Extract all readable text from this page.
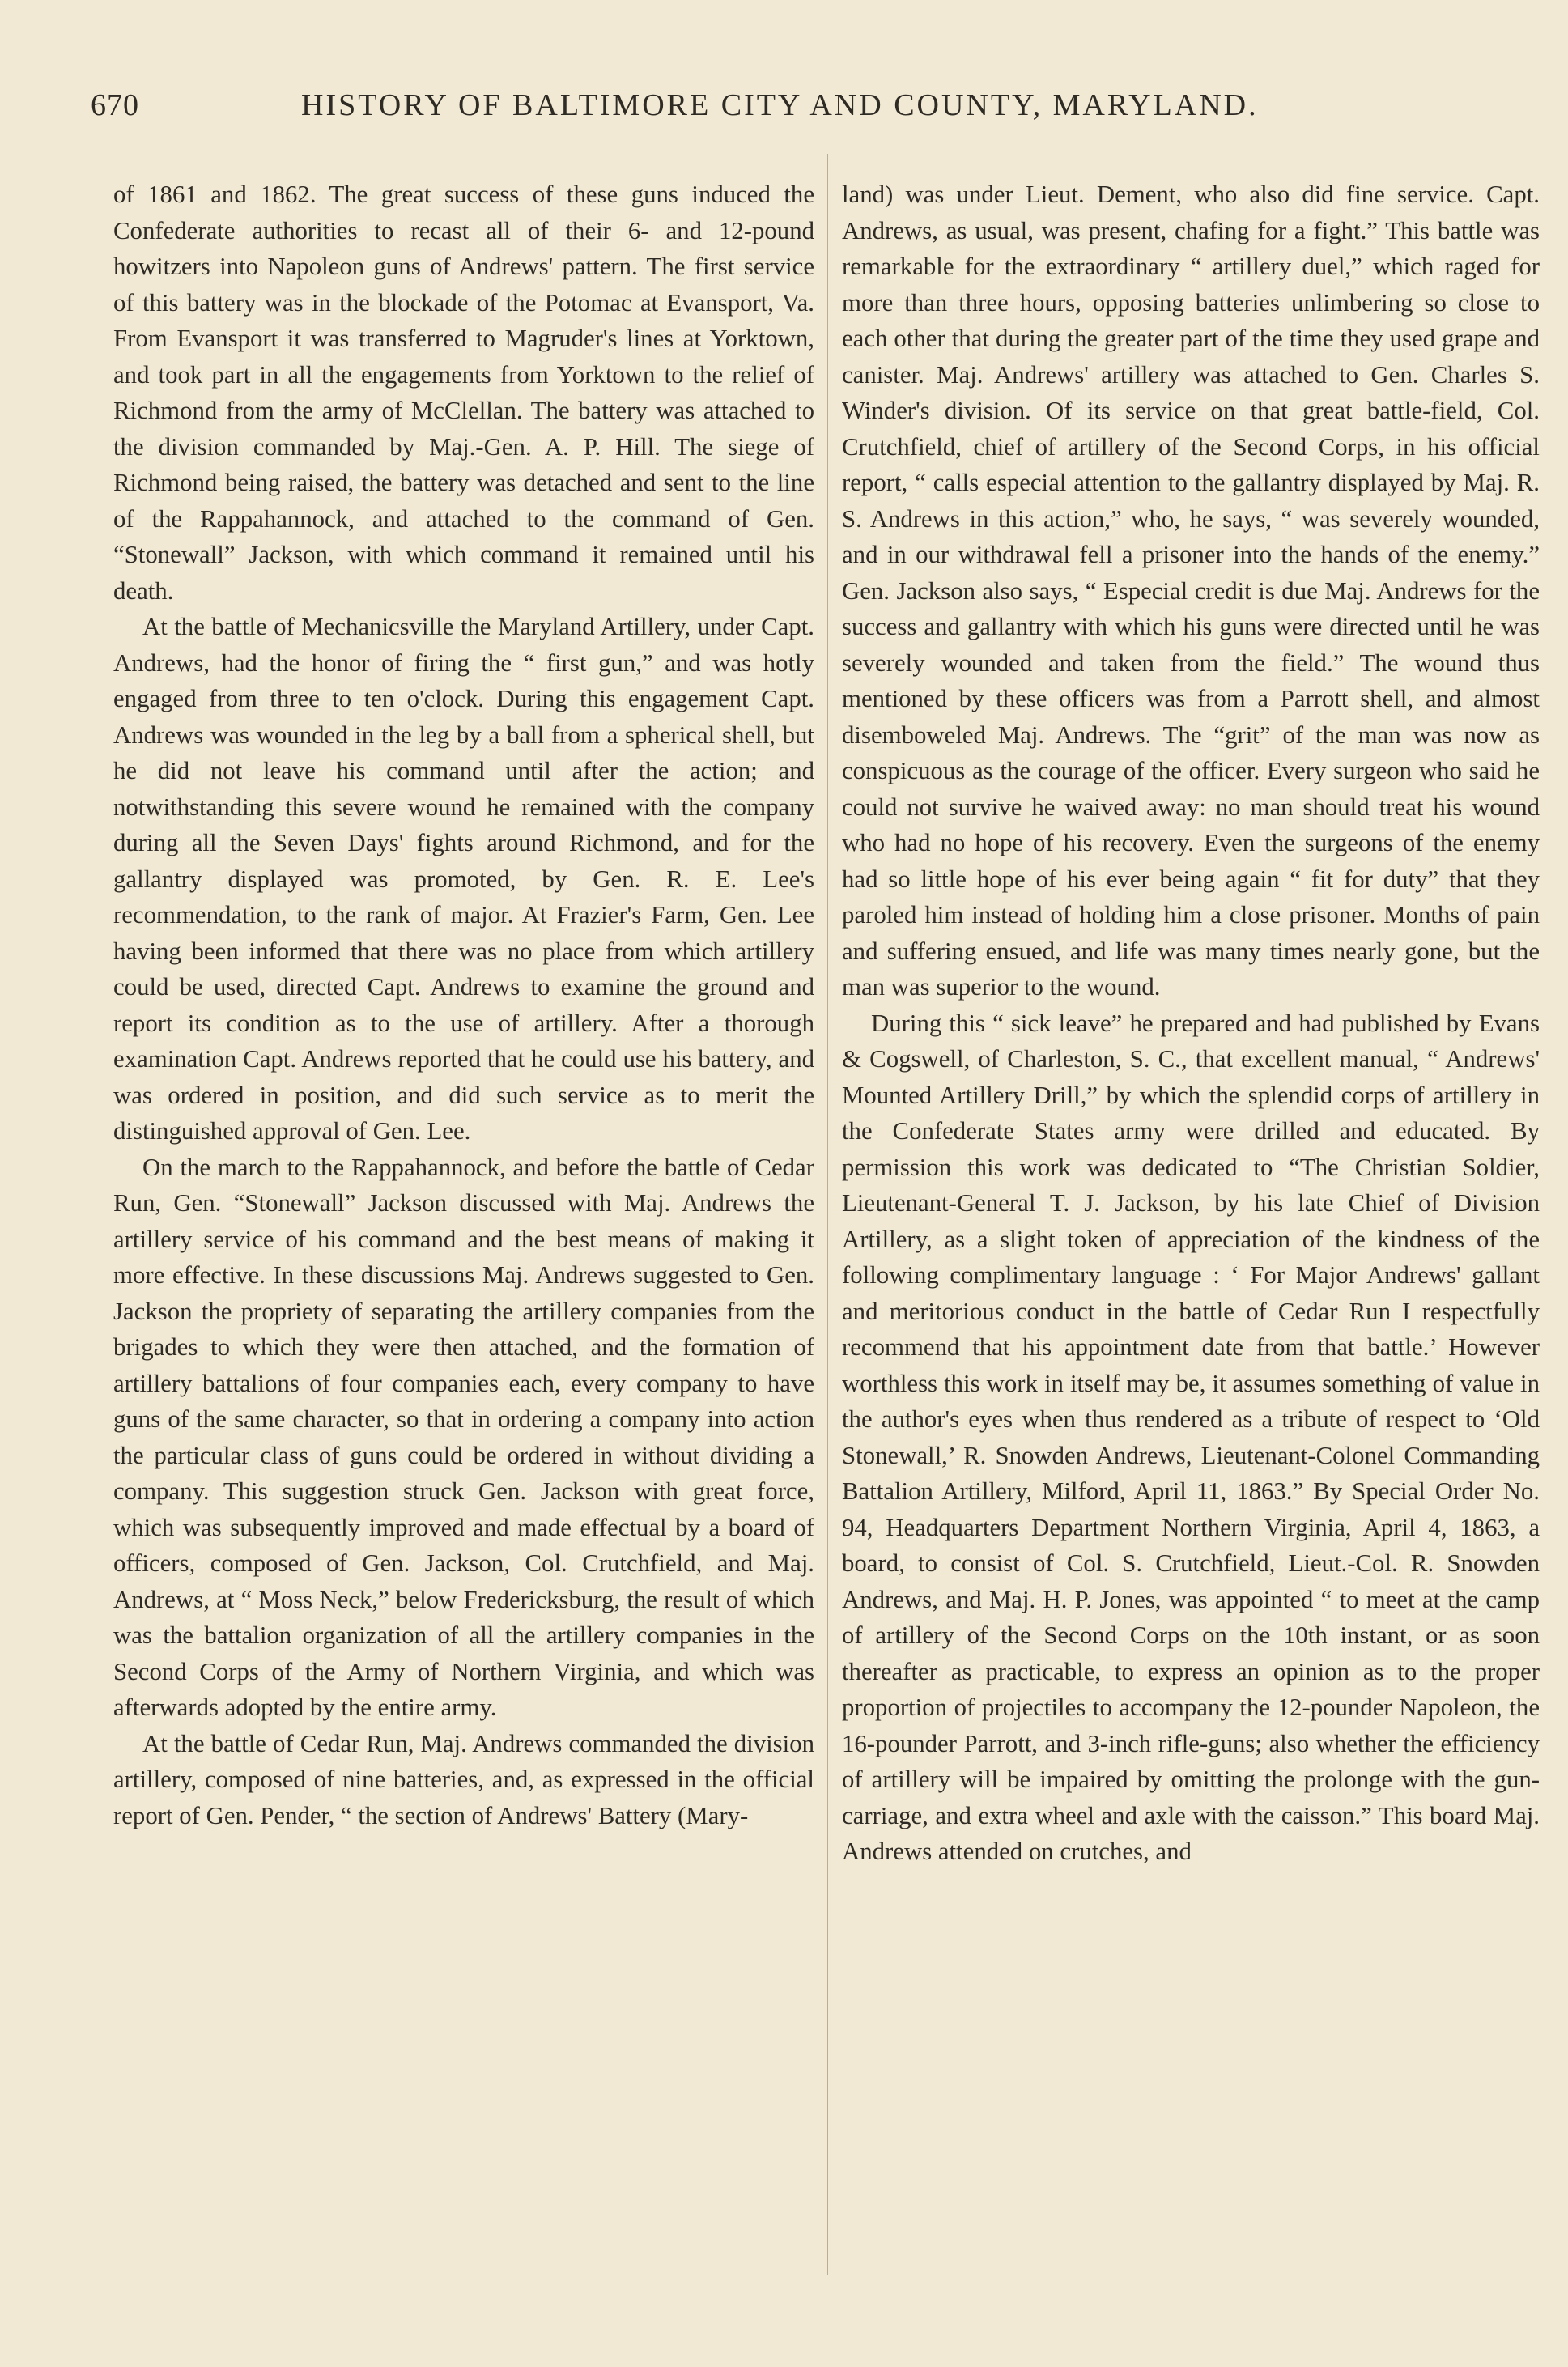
670	HISTORY OF BALTIMORE CITY AND COUNTY, MARYLAND.

of 1861 and 1862. The great success of these guns induced the Confederate authorities to recast all of their 6- and 12-pound howitzers into Napoleon guns of Andrews' pattern. The first service of this battery was in the blockade of the Potomac at Evansport, Va. From Evansport it was transferred to Magruder's lines at Yorktown, and took part in all the engagements from Yorktown to the relief of Richmond from the army of McClellan. The battery was attached to the division commanded by Maj.-Gen. A. P. Hill. The siege of Richmond being raised, the battery was detached and sent to the line of the Rappahannock, and attached to the command of Gen. “Stonewall” Jackson, with which command it remained until his death.

At the battle of Mechanicsville the Maryland Artillery, under Capt. Andrews, had the honor of firing the “ first gun,” and was hotly engaged from three to ten o'clock. During this engagement Capt. Andrews was wounded in the leg by a ball from a spherical shell, but he did not leave his command until after the action; and notwithstanding this severe wound he remained with the company during all the Seven Days' fights around Richmond, and for the gallantry displayed was promoted, by Gen. R. E. Lee's recommendation, to the rank of major. At Frazier's Farm, Gen. Lee having been informed that there was no place from which artillery could be used, directed Capt. Andrews to examine the ground and report its condition as to the use of artillery. After a thorough examination Capt. Andrews reported that he could use his battery, and was ordered in position, and did such service as to merit the distinguished approval of Gen. Lee.

On the march to the Rappahannock, and before the battle of Cedar Run, Gen. “Stonewall” Jackson discussed with Maj. Andrews the artillery service of his command and the best means of making it more effective. In these discussions Maj. Andrews suggested to Gen. Jackson the propriety of separating the artillery companies from the brigades to which they were then attached, and the formation of artillery battalions of four companies each, every company to have guns of the same character, so that in ordering a company into action the particular class of guns could be ordered in without dividing a company. This suggestion struck Gen. Jackson with great force, which was subsequently improved and made effectual by a board of officers, composed of Gen. Jackson, Col. Crutchfield, and Maj. Andrews, at “ Moss Neck,” below Fredericksburg, the result of which was the battalion organization of all the artillery companies in the Second Corps of the Army of Northern Virginia, and which was afterwards adopted by the entire army.

At the battle of Cedar Run, Maj. Andrews commanded the division artillery, composed of nine batteries, and, as expressed in the official report of Gen. Pender, “ the section of Andrews' Battery (Mary-

land) was under Lieut. Dement, who also did fine service. Capt. Andrews, as usual, was present, chafing for a fight.” This battle was remarkable for the extraordinary “ artillery duel,” which raged for more than three hours, opposing batteries unlimbering so close to each other that during the greater part of the time they used grape and canister. Maj. Andrews' artillery was attached to Gen. Charles S. Winder's division. Of its service on that great battle-field, Col. Crutchfield, chief of artillery of the Second Corps, in his official report, “ calls especial attention to the gallantry displayed by Maj. R. S. Andrews in this action,” who, he says, “ was severely wounded, and in our withdrawal fell a prisoner into the hands of the enemy.” Gen. Jackson also says, “ Especial credit is due Maj. Andrews for the success and gallantry with which his guns were directed until he was severely wounded and taken from the field.” The wound thus mentioned by these officers was from a Parrott shell, and almost disemboweled Maj. Andrews. The “grit” of the man was now as conspicuous as the courage of the officer. Every surgeon who said he could not survive he waived away: no man should treat his wound who had no hope of his recovery. Even the surgeons of the enemy had so little hope of his ever being again “ fit for duty” that they paroled him instead of holding him a close prisoner. Months of pain and suffering ensued, and life was many times nearly gone, but the man was superior to the wound.

During this “ sick leave” he prepared and had published by Evans & Cogswell, of Charleston, S. C., that excellent manual, “ Andrews' Mounted Artillery Drill,” by which the splendid corps of artillery in the Confederate States army were drilled and educated. By permission this work was dedicated to “The Christian Soldier, Lieutenant-General T. J. Jackson, by his late Chief of Division Artillery, as a slight token of appreciation of the kindness of the following complimentary language : ‘ For Major Andrews' gallant and meritorious conduct in the battle of Cedar Run I respectfully recommend that his appointment date from that battle.’ However worthless this work in itself may be, it assumes something of value in the author's eyes when thus rendered as a tribute of respect to ‘Old Stonewall,’ R. Snowden Andrews, Lieutenant-Colonel Commanding Battalion Artillery, Milford, April 11, 1863.” By Special Order No. 94, Headquarters Department Northern Virginia, April 4, 1863, a board, to consist of Col. S. Crutchfield, Lieut.-Col. R. Snowden Andrews, and Maj. H. P. Jones, was appointed “ to meet at the camp of artillery of the Second Corps on the 10th instant, or as soon thereafter as practicable, to express an opinion as to the proper proportion of projectiles to accompany the 12-pounder Napoleon, the 16-pounder Parrott, and 3-inch rifle-guns; also whether the efficiency of artillery will be impaired by omitting the prolonge with the gun-carriage, and extra wheel and axle with the caisson.” This board Maj. Andrews attended on crutches, and
